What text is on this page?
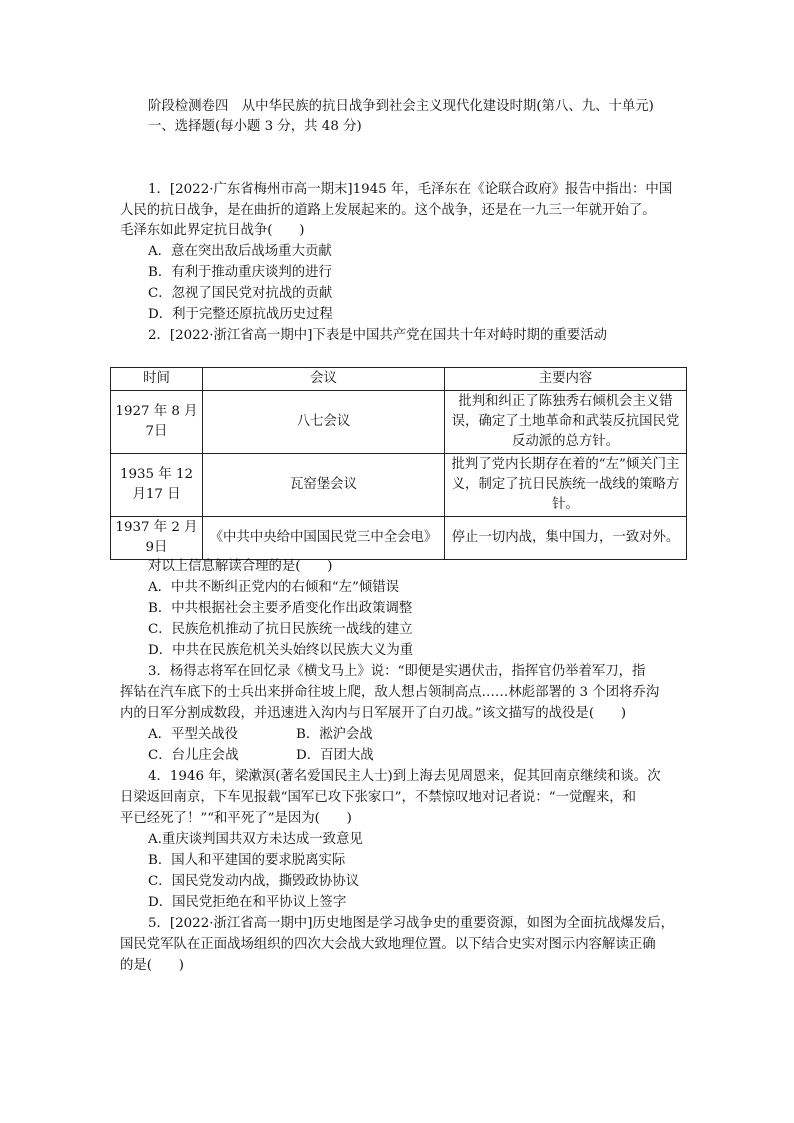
阶段检测卷四　从中华民族的抗日战争到社会主义现代化建设时期(第八、九、十单元)
一、选择题(每小题 3 分，共 48 分)
1．[2022·广东省梅州市高一期末]1945 年，毛泽东在《论联合政府》报告中指出：中国
人民的抗日战争，是在曲折的道路上发展起来的。这个战争，还是在一九三一年就开始了。
毛泽东如此界定抗日战争(　　)
A．意在突出敌后战场重大贡献
B．有利于推动重庆谈判的进行
C．忽视了国民党对抗战的贡献
D．利于完整还原抗战历史过程
2．[2022·浙江省高一期中]下表是中国共产党在国共十年对峙时期的重要活动
时间	会议	主要内容
1927 年 8 月 7日	八七会议	批判和纠正了陈独秀右倾机会主义错误，确定了土地革命和武装反抗国民党反动派的总方针。
1935 年 12 月17 日	瓦窑堡会议	批判了党内长期存在着的“左”倾关门主义，制定了抗日民族统一战线的策略方针。
1937 年 2 月 9日	《中共中央给中国国民党三中全会电》	停止一切内战，集中国力，一致对外。
对以上信息解读合理的是(　　)
A．中共不断纠正党内的右倾和“左”倾错误
B．中共根据社会主要矛盾变化作出政策调整
C．民族危机推动了抗日民族统一战线的建立
D．中共在民族危机关头始终以民族大义为重
3．杨得志将军在回忆录《横戈马上》说：“即便是实遇伏击，指挥官仍举着军刀，指
挥钻在汽车底下的士兵出来拼命往坡上爬，敌人想占领制高点……林彪部署的 3 个团将乔沟
内的日军分割成数段，并迅速进入沟内与日军展开了白刃战。”该文描写的战役是(　　)
A．平型关战役	B．淞沪会战
C．台儿庄会战	D．百团大战
4．1946 年，梁漱溟(著名爱国民主人士)到上海去见周恩来，促其回南京继续和谈。次
日梁返回南京，下车见报载“国军已攻下张家口”，不禁惊叹地对记者说：“一觉醒来，和
平已经死了！”“和平死了”是因为(　　)
A.重庆谈判国共双方未达成一致意见
B．国人和平建国的要求脱离实际
C．国民党发动内战，撕毁政协协议
D．国民党拒绝在和平协议上签字
5．[2022·浙江省高一期中]历史地图是学习战争史的重要资源，如图为全面抗战爆发后，
国民党军队在正面战场组织的四次大会战大致地理位置。以下结合史实对图示内容解读正确
的是(　　)
